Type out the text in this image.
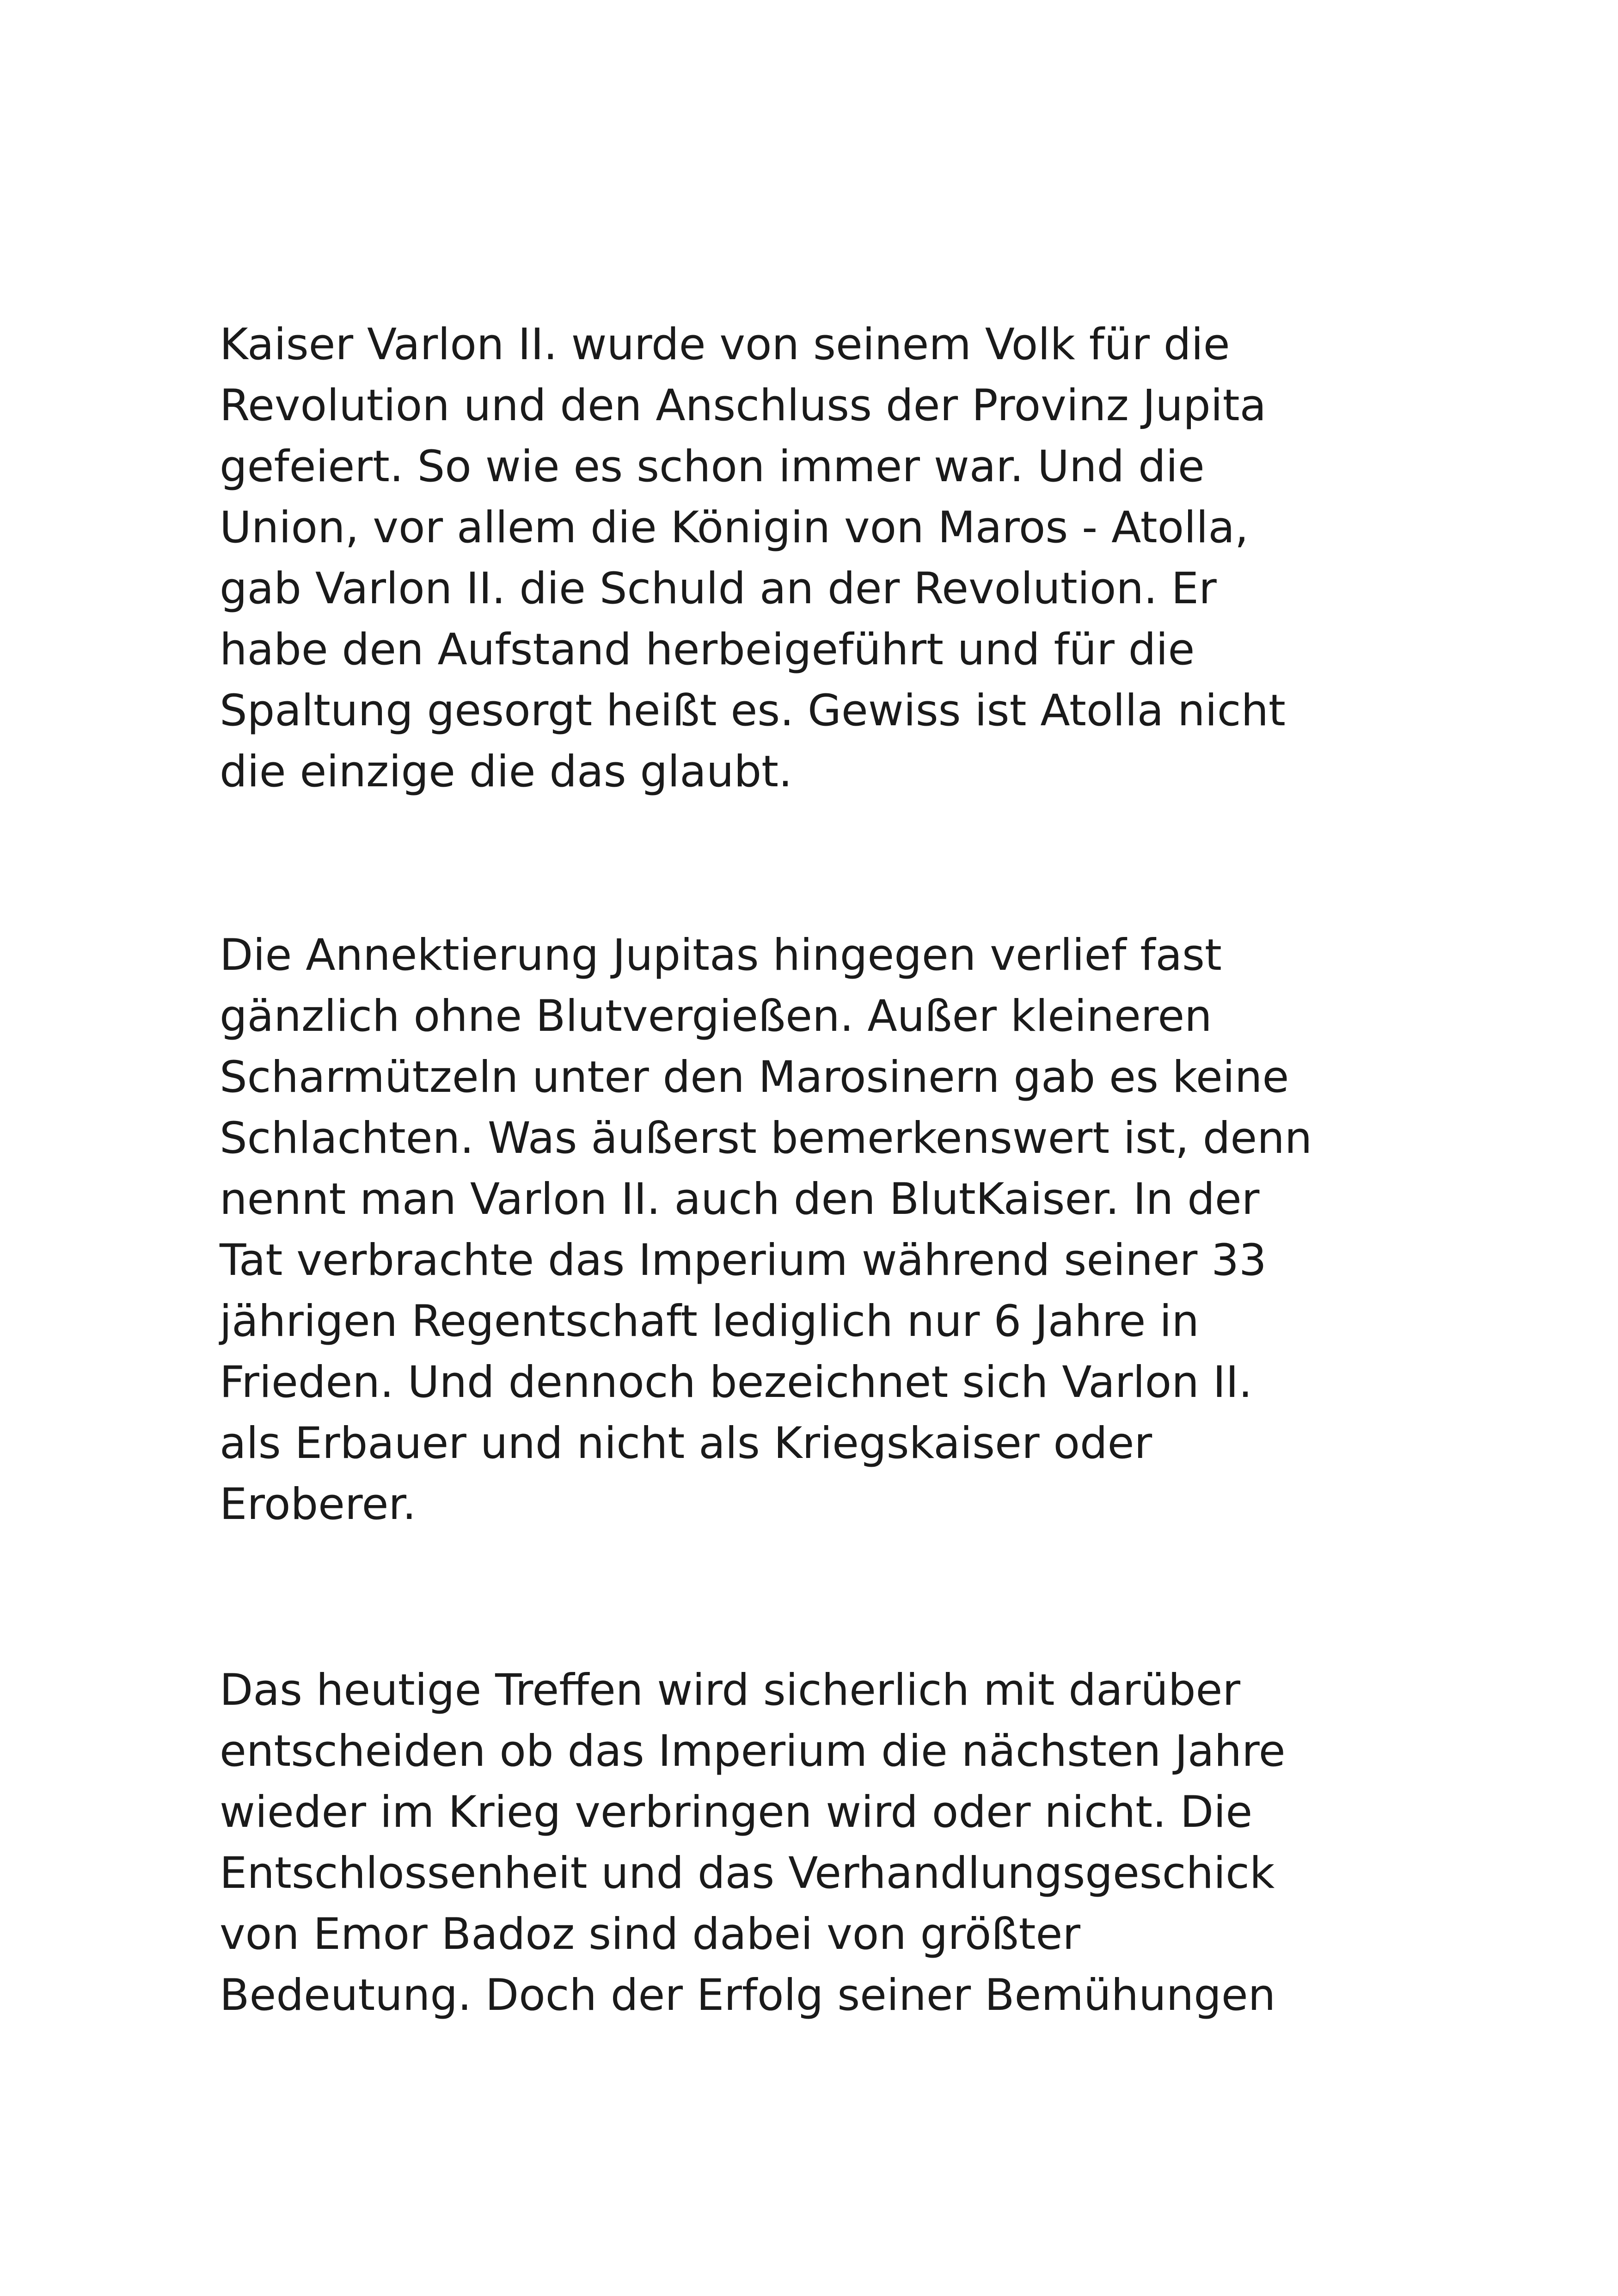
Kaiser Varlon II. wurde von seinem Volk für die
Revolution und den Anschluss der Provinz Jupita
gefeiert. So wie es schon immer war. Und die
Union, vor allem die Königin von Maros - Atolla,
gab Varlon II. die Schuld an der Revolution. Er
habe den Aufstand herbeigeführt und für die
Spaltung gesorgt heißt es. Gewiss ist Atolla nicht
die einzige die das glaubt.
Die Annektierung Jupitas hingegen verlief fast
gänzlich ohne Blutvergießen. Außer kleineren
Scharmützeln unter den Marosinern gab es keine
Schlachten. Was äußerst bemerkenswert ist, denn
nennt man Varlon II. auch den BlutKaiser. In der
Tat verbrachte das Imperium während seiner 33
jährigen Regentschaft lediglich nur 6 Jahre in
Frieden. Und dennoch bezeichnet sich Varlon II.
als Erbauer und nicht als Kriegskaiser oder
Eroberer.
Das heutige Treffen wird sicherlich mit darüber
entscheiden ob das Imperium die nächsten Jahre
wieder im Krieg verbringen wird oder nicht. Die
Entschlossenheit und das Verhandlungsgeschick
von Emor Badoz sind dabei von größter
Bedeutung. Doch der Erfolg seiner Bemühungen
